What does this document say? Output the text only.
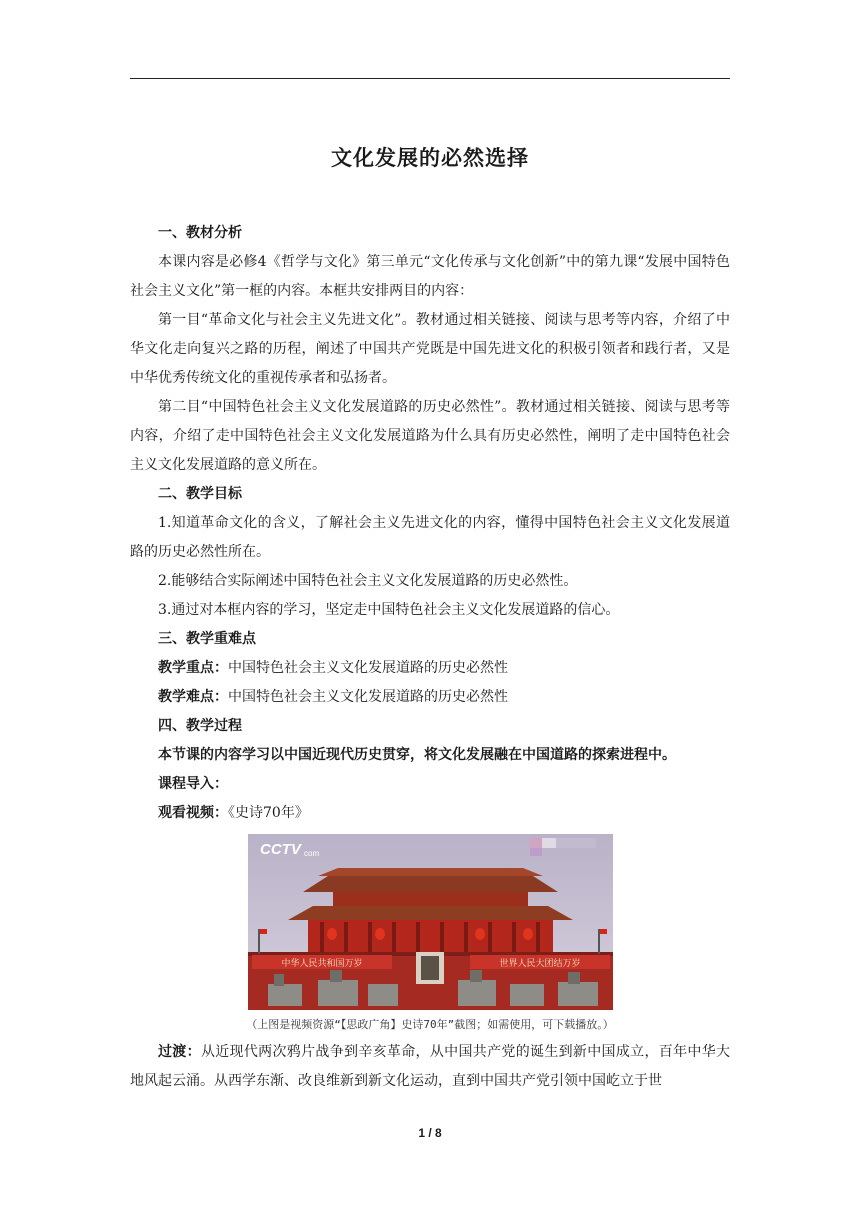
文化发展的必然选择

一、教材分析

本课内容是必修4《哲学与文化》第三单元“文化传承与文化创新”中的第九课“发展中国特色社会主义文化”第一框的内容。本框共安排两目的内容：

第一目“革命文化与社会主义先进文化”。教材通过相关链接、阅读与思考等内容，介绍了中华文化走向复兴之路的历程，阐述了中国共产党既是中国先进文化的积极引领者和践行者，又是中华优秀传统文化的重视传承者和弘扬者。

第二目“中国特色社会主义文化发展道路的历史必然性”。教材通过相关链接、阅读与思考等内容，介绍了走中国特色社会主义文化发展道路为什么具有历史必然性，阐明了走中国特色社会主义文化发展道路的意义所在。

二、教学目标

1.知道革命文化的含义，了解社会主义先进文化的内容，懂得中国特色社会主义文化发展道路的历史必然性所在。

2.能够结合实际阐述中国特色社会主义文化发展道路的历史必然性。

3.通过对本框内容的学习，坚定走中国特色社会主义文化发展道路的信心。

三、教学重难点

教学重点：中国特色社会主义文化发展道路的历史必然性

教学难点：中国特色社会主义文化发展道路的历史必然性

四、教学过程

本节课的内容学习以中国近现代历史贯穿，将文化发展融在中国道路的探索进程中。

课程导入：

观看视频：《史诗70年》

CCTV com
中华人民共和国万岁	世界人民大团结万岁

（上图是视频资源“【思政广角】史诗70年”截图；如需使用，可下载播放。）

过渡：从近现代两次鸦片战争到辛亥革命，从中国共产党的诞生到新中国成立，百年中华大地风起云涌。从西学东渐、改良维新到新文化运动，直到中国共产党引领中国屹立于世

1 / 8
